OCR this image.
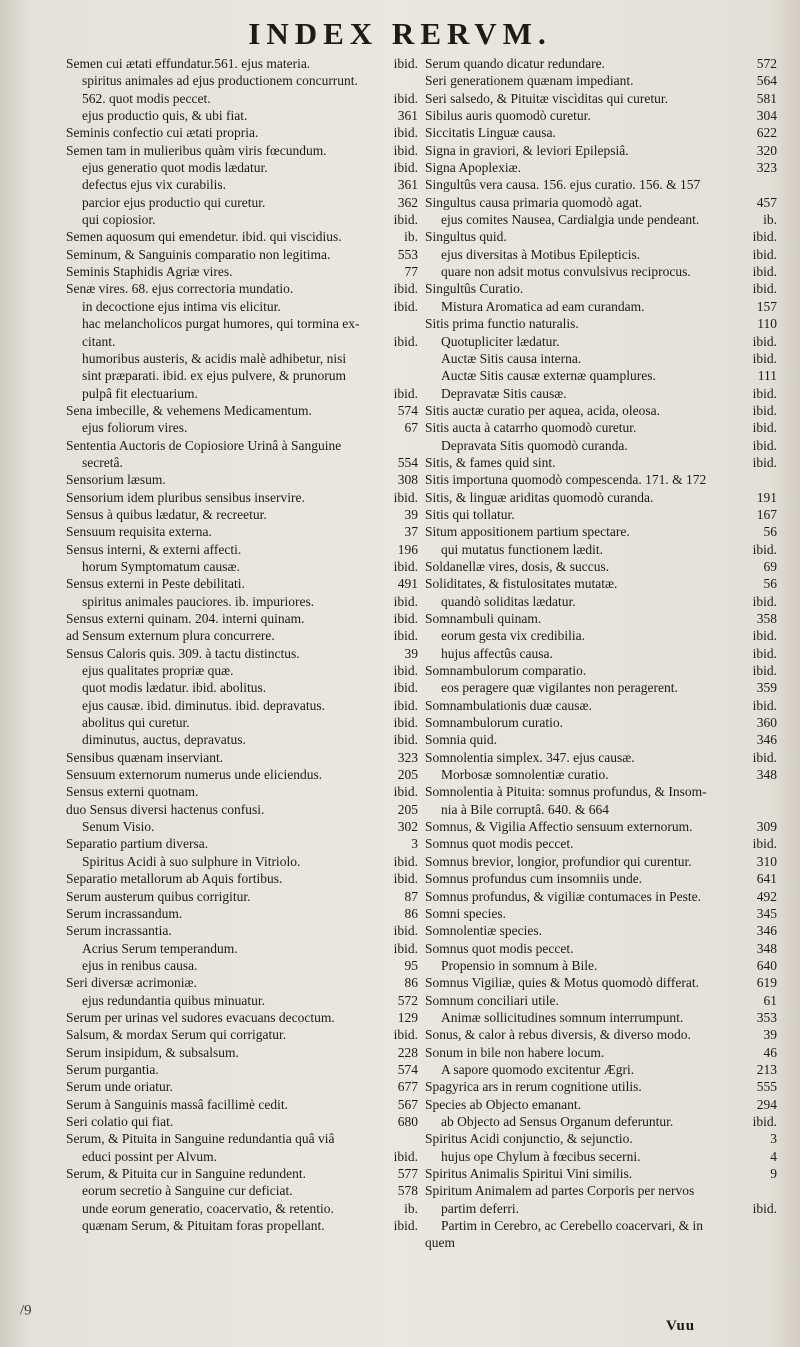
INDEX RERVM.
Semen cui ætati effundatur.561. ejus materia.	ibid.
spiritus animales ad ejus productionem concurrunt.
562. quot modis peccet.	ibid.
ejus productio quis, & ubi fiat.	361
Seminis confectio cui ætati propria.	ibid.
Semen tam in mulieribus quàm viris fœcundum.	ibid.
ejus generatio quot modis lædatur.	ibid.
defectus ejus vix curabilis.	361
parcior ejus productio qui curetur.	362
qui copiosior.	ibid.
Semen aquosum qui emendetur. ibid. qui viscidius.	ib.
Seminum, & Sanguinis comparatio non legitima.	553
Seminis Staphidis Agriæ vires.	77
Senæ vires. 68. ejus correctoria mundatio.	ibid.
in decoctione ejus intima vis elicitur.	ibid.
hac melancholicos purgat humores, qui tormina ex-
citant.	ibid.
humoribus austeris, & acidis malè adhibetur, nisi
sint præparati. ibid. ex ejus pulvere, & prunorum
pulpâ fit electuarium.	ibid.
Sena imbecille, & vehemens Medicamentum.	574
ejus foliorum vires.	67
Sententia Auctoris de Copiosiore Urinâ à Sanguine
secretâ.	554
Sensorium læsum.	308
Sensorium idem pluribus sensibus inservire.	ibid.
Sensus à quibus lædatur, & recreetur.	39
Sensuum requisita externa.	37
Sensus interni, & externi affecti.	196
horum Symptomatum causæ.	ibid.
Sensus externi in Peste debilitati.	491
spiritus animales pauciores. ib. impuriores.	ibid.
Sensus externi quinam. 204. interni quinam.	ibid.
ad Sensum externum plura concurrere.	ibid.
Sensus Caloris quis. 309. à tactu distinctus.	39
ejus qualitates propriæ quæ.	ibid.
quot modis lædatur. ibid. abolitus.	ibid.
ejus causæ. ibid. diminutus. ibid. depravatus.	ibid.
abolitus qui curetur.	ibid.
diminutus, auctus, depravatus.	ibid.
Sensibus quænam inserviant.	323
Sensuum externorum numerus unde eliciendus.	205
Sensus externi quotnam.	ibid.
duo Sensus diversi hactenus confusi.	205
Senum Visio.	302
Separatio partium diversa.	3
Spiritus Acidi à suo sulphure in Vitriolo.	ibid.
Separatio metallorum ab Aquis fortibus.	ibid.
Serum austerum quibus corrigitur.	87
Serum incrassandum.	86
Serum incrassantia.	ibid.
Acrius Serum temperandum.	ibid.
ejus in renibus causa.	95
Seri diversæ acrimoniæ.	86
ejus redundantia quibus minuatur.	572
Serum per urinas vel sudores evacuans decoctum.	129
Salsum, & mordax Serum qui corrigatur.	ibid.
Serum insipidum, & subsalsum.	228
Serum purgantia.	574
Serum unde oriatur.	677
Serum à Sanguinis massâ facillimè cedit.	567
Seri colatio qui fiat.	680
Serum, & Pituita in Sanguine redundantia quâ viâ
educi possint per Alvum.	ibid.
Serum, & Pituita cur in Sanguine redundent.	577
eorum secretio à Sanguine cur deficiat.	578
unde eorum generatio, coacervatio, & retentio.	ib.
quænam Serum, & Pituitam foras propellant.	ibid.
Serum quando dicatur redundare.	572
Seri generationem quænam impediant.	564
Seri salsedo, & Pituitæ viscìditas qui curetur.	581
Sibilus auris quomodò curetur.	304
Siccitatis Linguæ causa.	622
Signa in graviori, & leviori Epilepsiâ.	320
Signa Apoplexiæ.	323
Singultûs vera causa. 156. ejus curatio. 156. & 157
Singultus causa primaria quomodò agat.	457
ejus comites Nausea, Cardialgia unde pendeant.	ib.
Singultus quid.	ibid.
ejus diversitas à Motibus Epilepticis.	ibid.
quare non adsit motus convulsivus reciprocus.	ibid.
Singultûs Curatio.	ibid.
Mistura Aromatica ad eam curandam.	157
Sitis prima functio naturalis.	110
Quotupliciter lædatur.	ibid.
Auctæ Sitis causa interna.	ibid.
Auctæ Sitis causæ externæ quamplures.	111
Depravatæ Sitis causæ.	ibid.
Sitis auctæ curatio per aquea, acida, oleosa.	ibid.
Sitis aucta à catarrho quomodò curetur.	ibid.
Depravata Sitis quomodò curanda.	ibid.
Sitis, & fames quid sint.	ibid.
Sitis importuna quomodò compescenda. 171. & 172
Sitis, & linguæ ariditas quomodò curanda.	191
Sitis qui tollatur.	167
Situm appositionem partium spectare.	56
qui mutatus functionem lædit.	ibid.
Soldanellæ vires, dosis, & succus.	69
Soliditates, & fistulositates mutatæ.	56
quandò soliditas lædatur.	ibid.
Somnambuli quinam.	358
eorum gesta vix credibilia.	ibid.
hujus affectûs causa.	ibid.
Somnambulorum comparatio.	ibid.
eos peragere quæ vigilantes non peragerent.	359
Somnambulationis duæ causæ.	ibid.
Somnambulorum curatio.	360
Somnia quid.	346
Somnolentia simplex. 347. ejus causæ.	ibid.
Morbosæ somnolentiæ curatio.	348
Somnolentia à Pituita: somnus profundus, & Insom-
nia à Bile corruptâ. 640. & 664
Somnus, & Vigilia Affectio sensuum externorum.	309
Somnus quot modis peccet.	ibid.
Somnus brevior, longior, profundior qui curentur.	310
Somnus profundus cum insomniis unde.	641
Somnus profundus, & vigiliæ contumaces in Peste.	492
Somni species.	345
Somnolentiæ species.	346
Somnus quot modis peccet.	348
Propensio in somnum à Bile.	640
Somnus Vigiliæ, quies & Motus quomodò differat.	619
Somnum conciliari utile.	61
Animæ sollicitudines somnum interrumpunt.	353
Sonus, & calor à rebus diversis, & diverso modo.	39
Sonum in bile non habere locum.	46
A sapore quomodo excitentur Ægri.	213
Spagyrica ars in rerum cognitione utilis.	555
Species ab Objecto emanant.	294
ab Objecto ad Sensus Organum deferuntur.	ibid.
Spiritus Acidi conjunctio, & sejunctio.	3
hujus ope Chylum à fœcibus secerni.	4
Spiritus Animalis Spiritui Vini similis.	9
Spiritum Animalem ad partes Corporis per nervos
partim deferri.	ibid.
Partim in Cerebro, ac Cerebello coacervari, & in
quem
Vuu
6/
